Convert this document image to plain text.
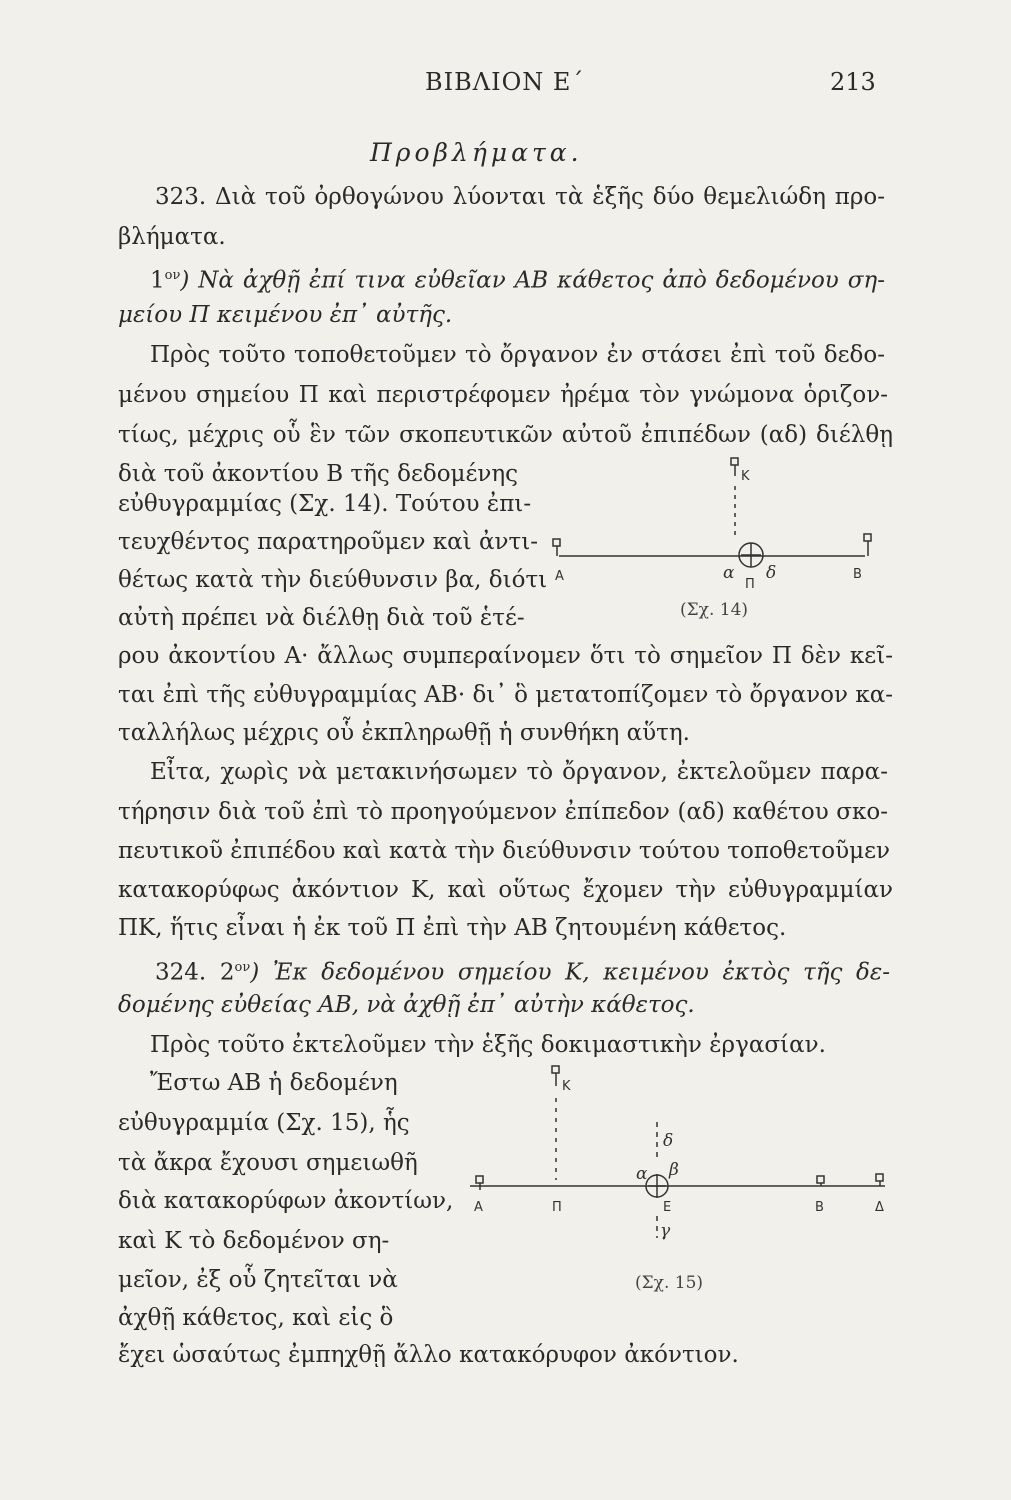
ΒΙΒΛΙΟΝ Ε΄	213
Προβλήματα.
323. Διὰ τοῦ ὀρθογώνου λύονται τὰ ἑξῆς δύο θεμελιώδη προ-
βλήματα.
$1^{o\nu}$) Νὰ ἀχθῇ ἐπί τινα εὐθεῖαν ΑΒ κάθετος ἀπὸ δεδομένου ση-
μείου Π κειμένου ἐπ᾽ αὐτῆς.
Πρὸς τοῦτο τοποθετοῦμεν τὸ ὄργανον ἐν στάσει ἐπὶ τοῦ δεδο-
μένου σημείου Π καὶ περιστρέφομεν ἠρέμα τὸν γνώμονα ὁριζον-
τίως, μέχρις οὗ ἓν τῶν σκοπευτικῶν αὐτοῦ ἐπιπέδων (αδ) διέλθῃ
διὰ τοῦ ἀκοντίου Β τῆς δεδομένης
εὐθυγραμμίας (Σχ. 14). Τούτου ἐπι-
τευχθέντος παρατηροῦμεν καὶ ἀντι-
θέτως κατὰ τὴν διεύθυνσιν βα, διότι
αὐτὴ πρέπει νὰ διέλθῃ διὰ τοῦ ἑτέ-
K
A
Π
B
α δ
(Σχ. 14)
ρου ἀκοντίου Α· ἄλλως συμπεραίνομεν ὅτι τὸ σημεῖον Π δὲν κεῖ-
ται ἐπὶ τῆς εὐθυγραμμίας ΑΒ· δι᾽ ὃ μετατοπίζομεν τὸ ὄργανον κα-
ταλλήλως μέχρις οὗ ἐκπληρωθῇ ἡ συνθήκη αὕτη.
Εἶτα, χωρὶς νὰ μετακινήσωμεν τὸ ὄργανον, ἐκτελοῦμεν παρα-
τήρησιν διὰ τοῦ ἐπὶ τὸ προηγούμενον ἐπίπεδον (αδ) καθέτου σκο-
πευτικοῦ ἐπιπέδου καὶ κατὰ τὴν διεύθυνσιν τούτου τοποθετοῦμεν
κατακορύφως ἀκόντιον Κ, καὶ οὕτως ἔχομεν τὴν εὐθυγραμμίαν
ΠΚ, ἥτις εἶναι ἡ ἐκ τοῦ Π ἐπὶ τὴν ΑΒ ζητουμένη κάθετος.
324. $2^{o\nu}$) Ἐκ δεδομένου σημείου Κ, κειμένου ἐκτὸς τῆς δε-
δομένης εὐθείας ΑΒ, νὰ ἀχθῇ ἐπ᾽ αὐτὴν κάθετος.
Πρὸς τοῦτο ἐκτελοῦμεν τὴν ἑξῆς δοκιμαστικὴν ἐργασίαν.
Ἔστω ΑΒ ἡ δεδομένη
εὐθυγραμμία (Σχ. 15), ἧς
τὰ ἄκρα ἔχουσι σημειωθῆ
διὰ κατακορύφων ἀκοντίων,
καὶ Κ τὸ δεδομένον ση-
μεῖον, ἐξ οὗ ζητεῖται νὰ
ἀχθῇ κάθετος, καὶ εἰς ὃ
K
A	Π	E	B	Δ
α β
δ
γ
(Σχ. 15)
ἔχει ὡσαύτως ἐμπηχθῇ ἄλλο κατακόρυφον ἀκόντιον.
